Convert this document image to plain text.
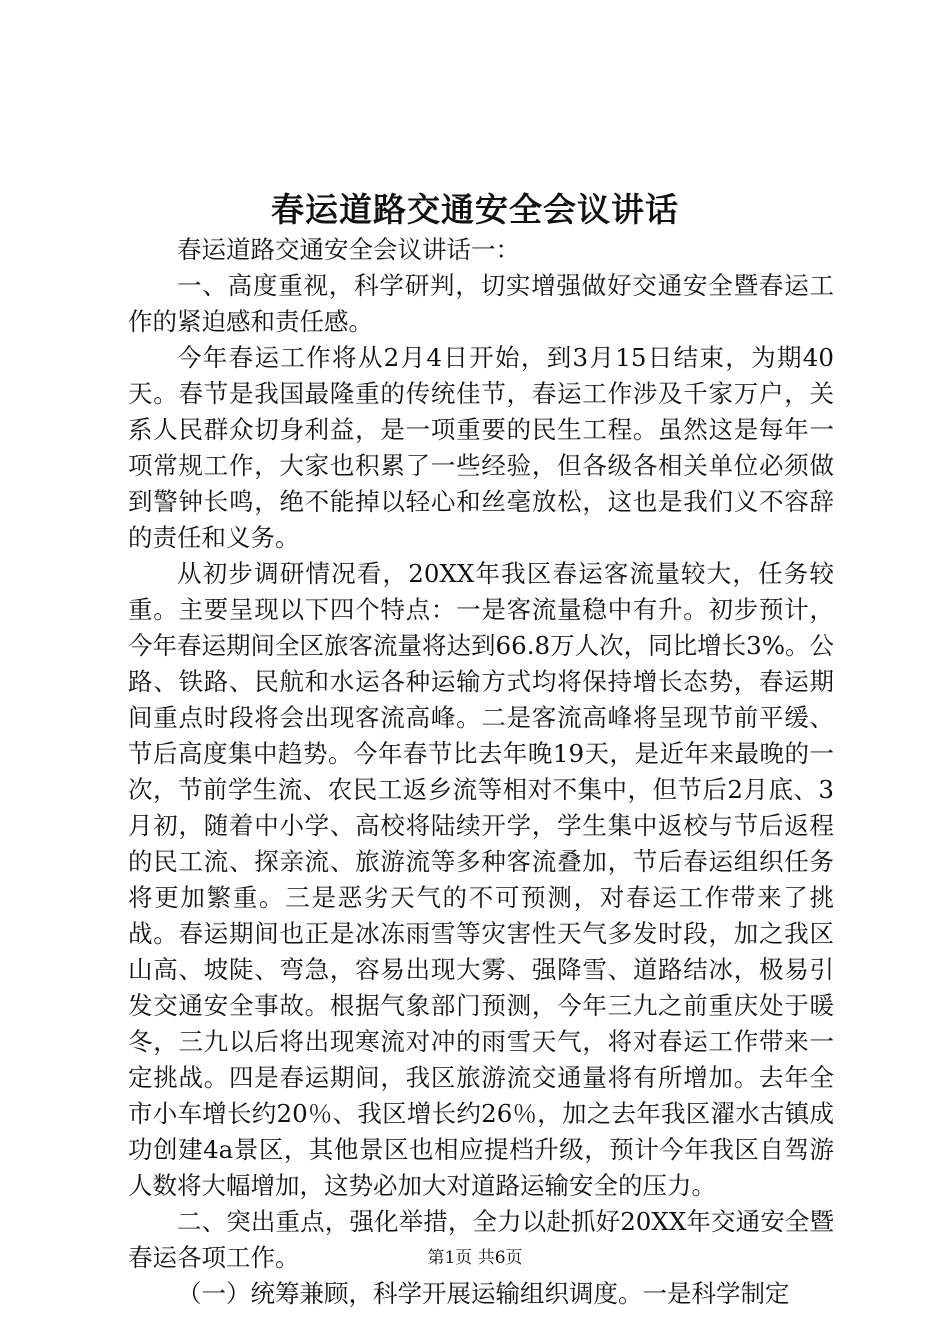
春运道路交通安全会议讲话

春运道路交通安全会议讲话一：

一、高度重视，科学研判，切实增强做好交通安全暨春运工作的紧迫感和责任感。

今年春运工作将从2月4日开始，到3月15日结束，为期40天。春节是我国最隆重的传统佳节，春运工作涉及千家万户，关系人民群众切身利益，是一项重要的民生工程。虽然这是每年一项常规工作，大家也积累了一些经验，但各级各相关单位必须做到警钟长鸣，绝不能掉以轻心和丝毫放松，这也是我们义不容辞的责任和义务。

从初步调研情况看，20XX年我区春运客流量较大，任务较重。主要呈现以下四个特点：一是客流量稳中有升。初步预计，今年春运期间全区旅客流量将达到66.8万人次，同比增长3%。公路、铁路、民航和水运各种运输方式均将保持增长态势，春运期间重点时段将会出现客流高峰。二是客流高峰将呈现节前平缓、节后高度集中趋势。今年春节比去年晚19天，是近年来最晚的一次，节前学生流、农民工返乡流等相对不集中，但节后2月底、3月初，随着中小学、高校将陆续开学，学生集中返校与节后返程的民工流、探亲流、旅游流等多种客流叠加，节后春运组织任务将更加繁重。三是恶劣天气的不可预测，对春运工作带来了挑战。春运期间也正是冰冻雨雪等灾害性天气多发时段，加之我区山高、坡陡、弯急，容易出现大雾、强降雪、道路结冰，极易引发交通安全事故。根据气象部门预测，今年三九之前重庆处于暖冬，三九以后将出现寒流对冲的雨雪天气，将对春运工作带来一定挑战。四是春运期间，我区旅游流交通量将有所增加。去年全市小车增长约20％、我区增长约26％，加之去年我区濯水古镇成功创建4a景区，其他景区也相应提档升级，预计今年我区自驾游人数将大幅增加，这势必加大对道路运输安全的压力。

二、突出重点，强化举措，全力以赴抓好20XX年交通安全暨春运各项工作。

（一）统筹兼顾，科学开展运输组织调度。一是科学制定

第1页 共6页
